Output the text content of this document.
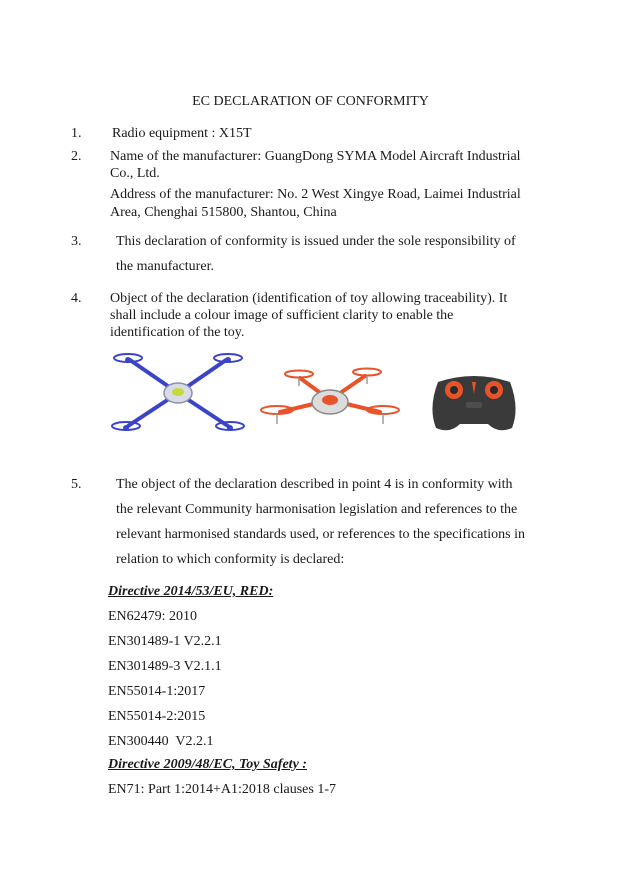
EC DECLARATION OF CONFORMITY
1. Radio equipment : X15T
2. Name of the manufacturer: GuangDong SYMA Model Aircraft Industrial
Co., Ltd.
Address of the manufacturer: No. 2 West Xingye Road, Laimei Industrial
Area, Chenghai 515800, Shantou, China
3. This declaration of conformity is issued under the sole responsibility of
the manufacturer.
4. Object of the declaration (identification of toy allowing traceability). It
shall include a colour image of sufficient clarity to enable the
identification of the toy.
5. The object of the declaration described in point 4 is in conformity with
the relevant Community harmonisation legislation and references to the
relevant harmonised standards used, or references to the specifications in
relation to which conformity is declared:
Directive 2014/53/EU, RED:
EN62479: 2010
EN301489-1 V2.2.1
EN301489-3 V2.1.1
EN55014-1:2017
EN55014-2:2015
EN300440  V2.2.1
Directive 2009/48/EC, Toy Safety :
EN71: Part 1:2014+A1:2018 clauses 1-7
